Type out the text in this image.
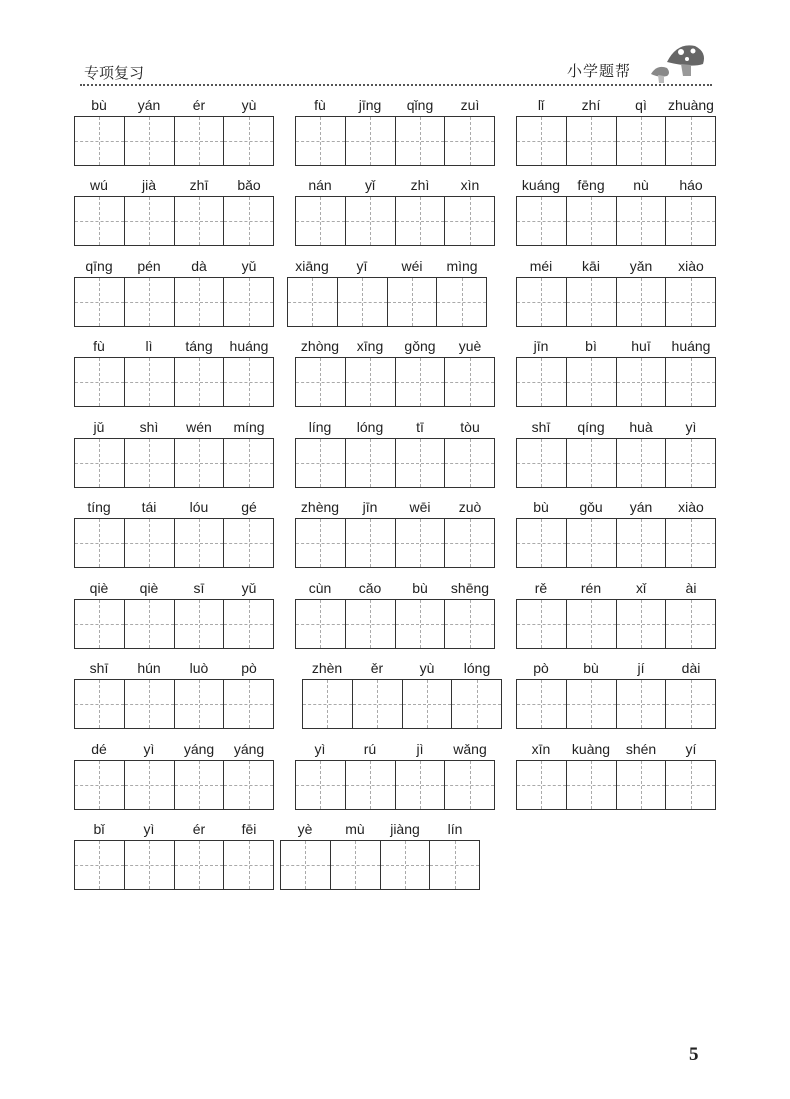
专项复习	小学题帮
bù	yán	ér	yù	fù	jīng	qǐng	zuì	lǐ	zhí	qì	zhuàng
wú	jià	zhī	bǎo	nán	yǐ	zhì	xìn	kuáng	fēng	nù	háo
qīng	pén	dà	yǔ	xiāng	yī	wéi	mìng	méi	kāi	yǎn	xiào
fù	lì	táng	huáng	zhòng	xīng	gǒng	yuè	jīn	bì	huī	huáng
jǔ	shì	wén	míng	líng	lóng	tī	tòu	shī	qíng	huà	yì
tíng	tái	lóu	gé	zhèng	jīn	wēi	zuò	bù	gǒu	yán	xiào
qiè	qiè	sī	yǔ	cùn	cǎo	bù	shēng	rě	rén	xǐ	ài
shī	hún	luò	pò	zhèn	ěr	yù	lóng	pò	bù	jí	dài
dé	yì	yáng	yáng	yì	rú	jì	wǎng	xīn	kuàng	shén	yí
bǐ	yì	ér	fēi	yè	mù	jiàng	lín
5
